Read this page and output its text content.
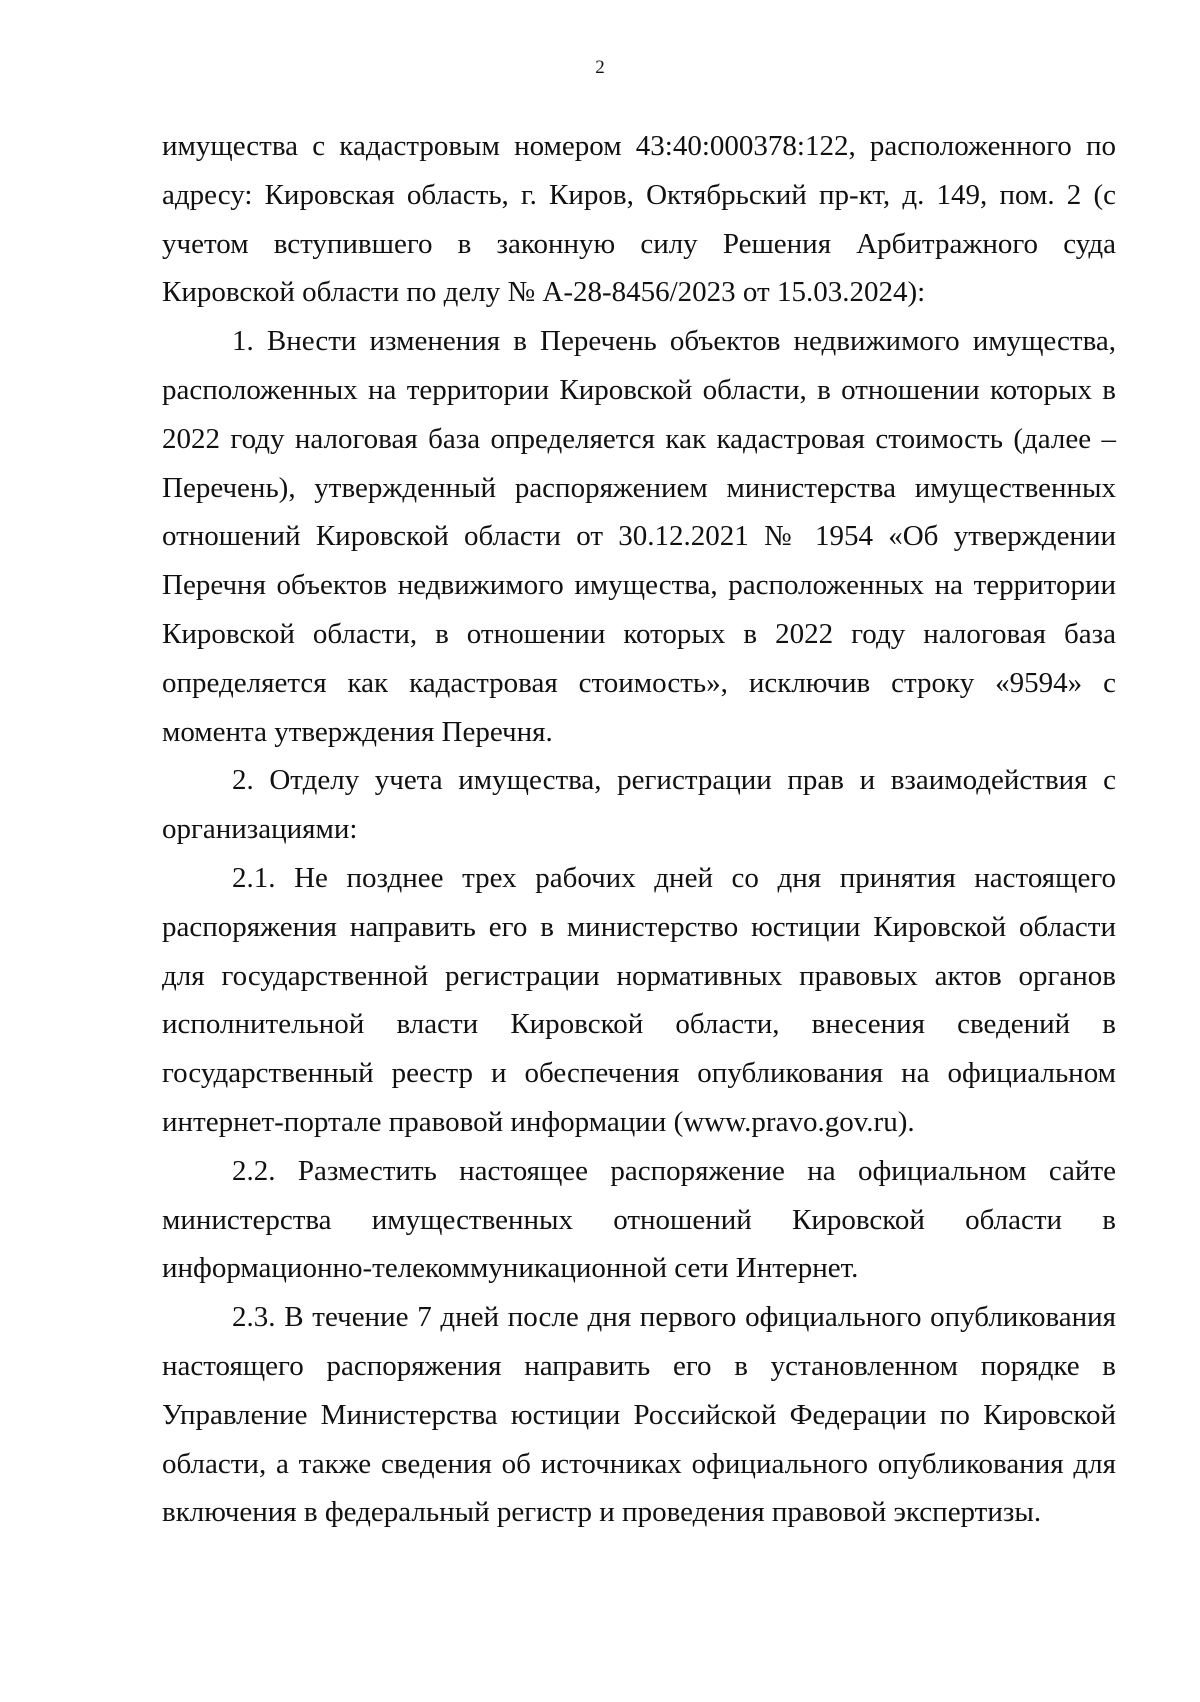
2

имущества с кадастровым номером 43:40:000378:122, расположенного по адресу: Кировская область, г. Киров, Октябрьский пр-кт, д. 149, пом. 2 (с учетом вступившего в законную силу Решения Арбитражного суда Кировской области по делу № А-28-8456/2023 от 15.03.2024):

1. Внести изменения в Перечень объектов недвижимого имущества, расположенных на территории Кировской области, в отношении которых в 2022 году налоговая база определяется как кадастровая стоимость (далее – Перечень), утвержденный распоряжением министерства имущественных отношений Кировской области от 30.12.2021 № 1954 «Об утверждении Перечня объектов недвижимого имущества, расположенных на территории Кировской области, в отношении которых в 2022 году налоговая база определяется как кадастровая стоимость», исключив строку «9594» с момента утверждения Перечня.

2. Отделу учета имущества, регистрации прав и взаимодействия с организациями:

2.1. Не позднее трех рабочих дней со дня принятия настоящего распоряжения направить его в министерство юстиции Кировской области для государственной регистрации нормативных правовых актов органов исполнительной власти Кировской области, внесения сведений в государственный реестр и обеспечения опубликования на официальном интернет-портале правовой информации (www.pravo.gov.ru).

2.2. Разместить настоящее распоряжение на официальном сайте министерства имущественных отношений Кировской области в информационно-телекоммуникационной сети Интернет.

2.3. В течение 7 дней после дня первого официального опубликования настоящего распоряжения направить его в установленном порядке в Управление Министерства юстиции Российской Федерации по Кировской области, а также сведения об источниках официального опубликования для включения в федеральный регистр и проведения правовой экспертизы.
